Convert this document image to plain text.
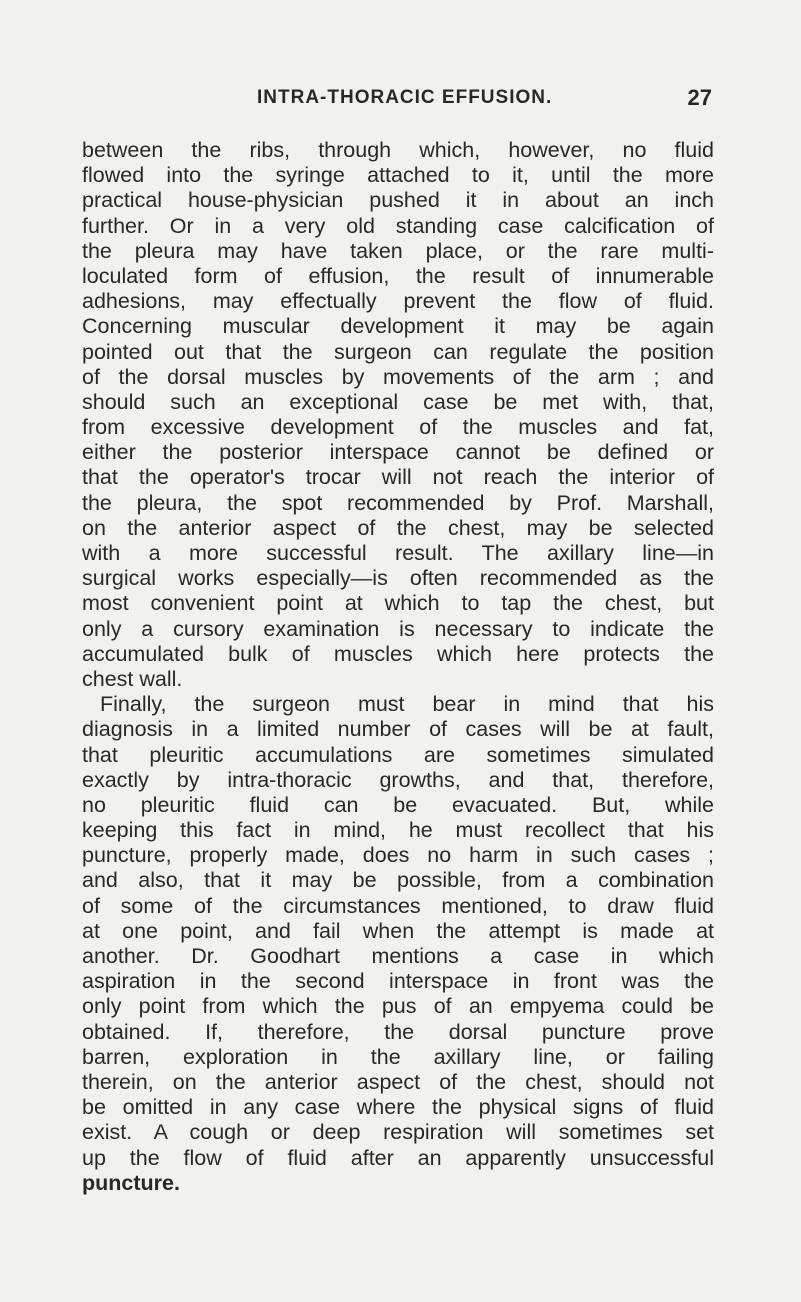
INTRA-THORACIC EFFUSION.	27
between the ribs, through which, however, no fluid
flowed into the syringe attached to it, until the more
practical house-physician pushed it in about an inch
further. Or in a very old standing case calcification of
the pleura may have taken place, or the rare multi-
loculated form of effusion, the result of innumerable
adhesions, may effectually prevent the flow of fluid.
Concerning muscular development it may be again
pointed out that the surgeon can regulate the position
of the dorsal muscles by movements of the arm ; and
should such an exceptional case be met with, that,
from excessive development of the muscles and fat,
either the posterior interspace cannot be defined or
that the operator's trocar will not reach the interior of
the pleura, the spot recommended by Prof. Marshall,
on the anterior aspect of the chest, may be selected
with a more successful result. The axillary line—in
surgical works especially—is often recommended as the
most convenient point at which to tap the chest, but
only a cursory examination is necessary to indicate the
accumulated bulk of muscles which here protects the
chest wall.
Finally, the surgeon must bear in mind that his
diagnosis in a limited number of cases will be at fault,
that pleuritic accumulations are sometimes simulated
exactly by intra-thoracic growths, and that, therefore,
no pleuritic fluid can be evacuated. But, while
keeping this fact in mind, he must recollect that his
puncture, properly made, does no harm in such cases ;
and also, that it may be possible, from a combination
of some of the circumstances mentioned, to draw fluid
at one point, and fail when the attempt is made at
another. Dr. Goodhart mentions a case in which
aspiration in the second interspace in front was the
only point from which the pus of an empyema could be
obtained. If, therefore, the dorsal puncture prove
barren, exploration in the axillary line, or failing
therein, on the anterior aspect of the chest, should not
be omitted in any case where the physical signs of fluid
exist. A cough or deep respiration will sometimes set
up the flow of fluid after an apparently unsuccessful
puncture.
